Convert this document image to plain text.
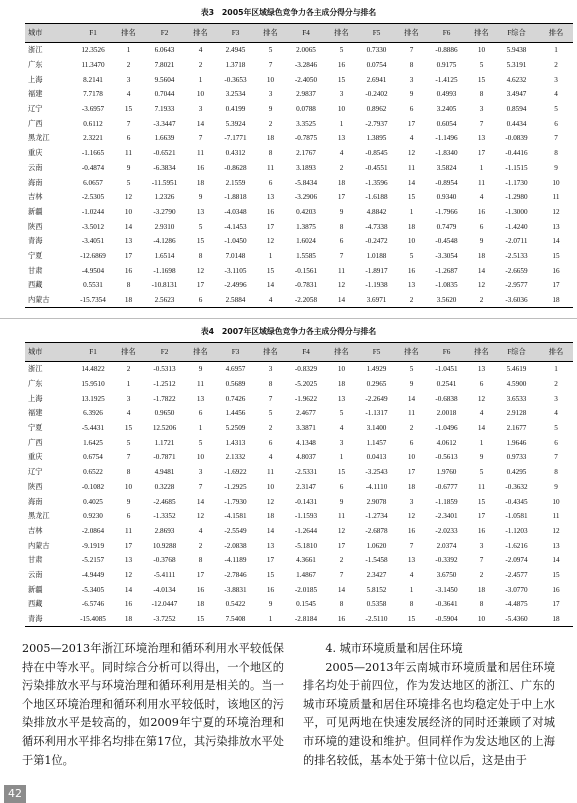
表3　2005年区域绿色竞争力各主成分得分与排名
城市	F1	排名	F2	排名	F3	排名	F4	排名	F5	排名	F6	排名	F综合	排名
浙江	12.3526	1	6.0643	4	2.4945	5	2.0065	5	0.7330	7	-0.8886	10	5.9438	1
广东	11.3470	2	7.8021	2	1.3718	7	-3.2846	16	0.0754	8	0.9175	5	5.3191	2
上海	8.2141	3	9.5604	1	-0.3653	10	-2.4050	15	2.6941	3	-1.4125	15	4.6232	3
福建	7.7178	4	0.7044	10	3.2534	3	2.9837	3	-0.2402	9	0.4993	8	3.4947	4
辽宁	-3.6957	15	7.1933	3	0.4199	9	0.0788	10	0.8962	6	3.2405	3	0.8594	5
广西	0.6112	7	-3.3447	14	5.3924	2	3.3525	1	-2.7937	17	0.6054	7	0.4434	6
黑龙江	2.3221	6	1.6639	7	-7.1771	18	-0.7875	13	1.3895	4	-1.1496	13	-0.0839	7
重庆	-1.1665	11	-0.6521	11	0.4312	8	2.1767	4	-0.8545	12	-1.8340	17	-0.4416	8
云南	-0.4874	9	-6.3834	16	-0.8628	11	3.1893	2	-0.4551	11	3.5824	1	-1.1515	9
海南	6.0657	5	-11.5951	18	2.1559	6	-5.8434	18	-1.3596	14	-0.8954	11	-1.1730	10
吉林	-2.5305	12	1.2326	9	-1.8818	13	-3.2906	17	-1.6188	15	0.9340	4	-1.2980	11
新疆	-1.0244	10	-3.2790	13	-4.0348	16	0.4203	9	4.8842	1	-1.7966	16	-1.3000	12
陕西	-3.5012	14	2.9310	5	-4.1453	17	1.3875	8	-4.7338	18	0.7479	6	-1.4240	13
青海	-3.4051	13	-4.1286	15	-1.0450	12	1.6024	6	-0.2472	10	-0.4548	9	-2.0711	14
宁夏	-12.6869	17	1.6514	8	7.0148	1	1.5585	7	1.0188	5	-3.3054	18	-2.5133	15
甘肃	-4.9504	16	-1.1698	12	-3.1105	15	-0.1561	11	-1.8917	16	-1.2687	14	-2.6659	16
西藏	0.5531	8	-10.8131	17	-2.4996	14	-0.7831	12	-1.1938	13	-1.0835	12	-2.9577	17
内蒙古	-15.7354	18	2.5623	6	2.5884	4	-2.2058	14	3.6971	2	3.5620	2	-3.6036	18
表4　2007年区域绿色竞争力各主成分得分与排名
城市	F1	排名	F2	排名	F3	排名	F4	排名	F5	排名	F6	排名	F综合	排名
浙江	14.4822	2	-0.5313	9	4.6957	3	-0.8329	10	1.4929	5	-1.0451	13	5.4619	1
广东	15.9510	1	-1.2512	11	0.5689	8	-5.2025	18	0.2965	9	0.2541	6	4.5900	2
上海	13.1925	3	-1.7822	13	0.7426	7	-1.9622	13	-2.2649	14	-0.6838	12	3.6533	3
福建	6.3926	4	0.9650	6	1.4456	5	2.4677	5	-1.1317	11	2.0018	4	2.9128	4
宁夏	-5.4431	15	12.5206	1	5.2509	2	3.3871	4	3.1400	2	-1.0496	14	2.1677	5
广西	1.6425	5	1.1721	5	1.4313	6	4.1348	3	1.1457	6	4.0612	1	1.9646	6
重庆	0.6754	7	-0.7871	10	2.1332	4	4.8037	1	0.0413	10	-0.5613	9	0.9733	7
辽宁	0.6522	8	4.9481	3	-1.6922	11	-2.5331	15	-3.2543	17	1.9760	5	0.4295	8
陕西	-0.1082	10	0.3228	7	-1.2925	10	2.3147	6	-4.1110	18	-0.6777	11	-0.3632	9
海南	0.4025	9	-2.4685	14	-1.7930	12	-0.1431	9	2.9078	3	-1.1859	15	-0.4345	10
黑龙江	0.9230	6	-1.3352	12	-4.1581	18	-1.1593	11	-1.2734	12	-2.3401	17	-1.0581	11
吉林	-2.0864	11	2.8693	4	-2.5549	14	-1.2644	12	-2.6878	16	-2.0233	16	-1.1203	12
内蒙古	-9.1919	17	10.9288	2	-2.0838	13	-5.1810	17	1.0620	7	2.0374	3	-1.6216	13
甘肃	-5.2157	13	-0.3768	8	-4.1189	17	4.3661	2	-1.5458	13	-0.3392	7	-2.0974	14
云南	-4.9449	12	-5.4111	17	-2.7846	15	1.4867	7	2.3427	4	3.6750	2	-2.4577	15
新疆	-5.3405	14	-4.0134	16	-3.8831	16	-2.0185	14	5.8152	1	-3.1450	18	-3.0770	16
西藏	-6.5746	16	-12.0447	18	0.5422	9	0.1545	8	0.5358	8	-0.3641	8	-4.4875	17
青海	-15.4085	18	-3.7252	15	7.5408	1	-2.8184	16	-2.5110	15	-0.5904	10	-5.4360	18

2005—2013年浙江环境治理和循环利用水平较低保持在中等水平。同时综合分析可以得出，一个地区的污染排放水平与环境治理和循环利用是相关的。当一个地区环境治理和循环利用水平较低时，该地区的污染排放水平是较高的，如2009年宁夏的环境治理和循环利用水平排名均排在第17位，其污染排放水平处于第1位。

4. 城市环境质量和居住环境

2005—2013年云南城市环境质量和居住环境排名均处于前四位，作为发达地区的浙江、广东的城市环境质量和居住环境排名也均稳定处于中上水平，可见两地在快速发展经济的同时还兼顾了对城市环境的建设和维护。但同样作为发达地区的上海的排名较低，基本处于第十位以后，这是由于

42
